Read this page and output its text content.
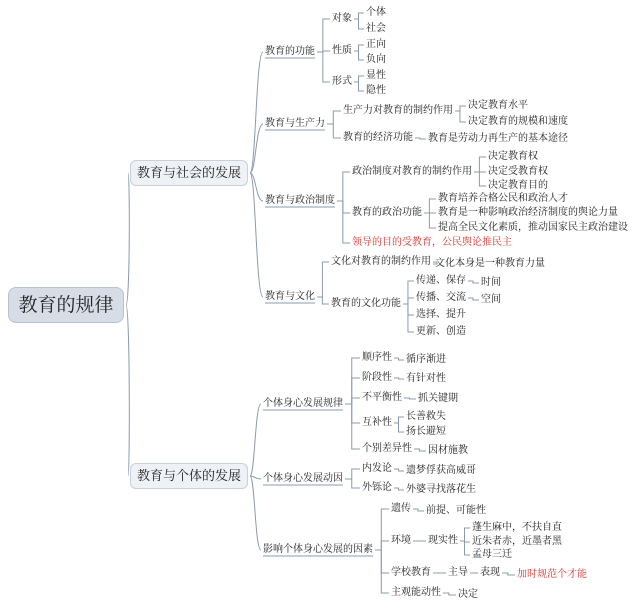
教育的规律
教育与社会的发展
教育与个体的发展
教育的功能
教育与生产力
教育与政治制度
教育与文化
对象
个体
社会
性质
正向
负向
形式
显性
隐性
生产力对教育的制约作用 决定教育水平
决定教育的规模和速度
教育的经济功能 教育是劳动力再生产的基本途径
政治制度对教育的制约作用
决定教育权
决定受教育权
决定教育目的
教育的政治功能
教育培养合格公民和政治人才
教育是一种影响政治经济制度的舆论力量
提高全民文化素质，推动国家民主政治建设
领导的目的受教育，公民舆论推民主
文化对教育的制约作用 文化本身是一种教育力量
教育的文化功能
传递、保存 时间
传播、交流 空间
选择、提升
更新、创造
个体身心发展规律
个体身心发展动因
影响个体身心发展的因素
顺序性 循序渐进
阶段性 有针对性
不平衡性 抓关键期
互补性
长善救失
扬长避短
个别差异性 因材施教
内发论 遗梦俘获高威哥
外铄论 外婆寻找落花生
遗传 前提、可能性
环境 现实性
蓬生麻中，不扶自直
近朱者赤，近墨者黑
孟母三迁
学校教育 主导 表现 加时规范个才能
主观能动性 决定
